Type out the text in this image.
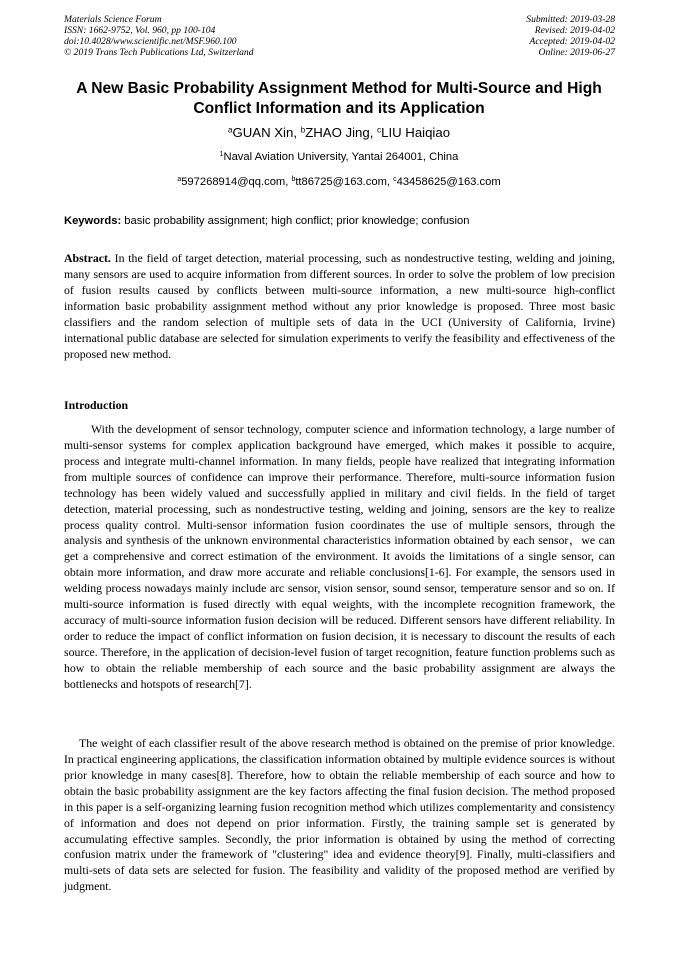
Materials Science Forum
ISSN: 1662-9752, Vol. 960, pp 100-104
doi:10.4028/www.scientific.net/MSF.960.100
© 2019 Trans Tech Publications Ltd, Switzerland
Submitted: 2019-03-28
Revised: 2019-04-02
Accepted: 2019-04-02
Online: 2019-06-27
A New Basic Probability Assignment Method for Multi-Source and High Conflict Information and its Application
$^a$GUAN Xin, $^b$ZHAO Jing, $^c$LIU Haiqiao
$^1$Naval Aviation University, Yantai 264001, China
$^a$597268914@qq.com, $^b$tt86725@163.com, $^c$43458625@163.com
Keywords: basic probability assignment; high conflict; prior knowledge; confusion
Abstract. In the field of target detection, material processing, such as nondestructive testing, welding and joining, many sensors are used to acquire information from different sources. In order to solve the problem of low precision of fusion results caused by conflicts between multi-source information, a new multi-source high-conflict information basic probability assignment method without any prior knowledge is proposed. Three most basic classifiers and the random selection of multiple sets of data in the UCI (University of California, Irvine) international public database are selected for simulation experiments to verify the feasibility and effectiveness of the proposed new method.
Introduction
With the development of sensor technology, computer science and information technology, a large number of multi-sensor systems for complex application background have emerged, which makes it possible to acquire, process and integrate multi-channel information. In many fields, people have realized that integrating information from multiple sources of confidence can improve their performance. Therefore, multi-source information fusion technology has been widely valued and successfully applied in military and civil fields. In the field of target detection, material processing, such as nondestructive testing, welding and joining, sensors are the key to realize process quality control. Multi-sensor information fusion coordinates the use of multiple sensors, through the analysis and synthesis of the unknown environmental characteristics information obtained by each sensor，we can get a comprehensive and correct estimation of the environment. It avoids the limitations of a single sensor, can obtain more information, and draw more accurate and reliable conclusions[1-6]. For example, the sensors used in welding process nowadays mainly include arc sensor, vision sensor, sound sensor, temperature sensor and so on. If multi-source information is fused directly with equal weights, with the incomplete recognition framework, the accuracy of multi-source information fusion decision will be reduced. Different sensors have different reliability. In order to reduce the impact of conflict information on fusion decision, it is necessary to discount the results of each source. Therefore, in the application of decision-level fusion of target recognition, feature function problems such as how to obtain the reliable membership of each source and the basic probability assignment are always the bottlenecks and hotspots of research[7].
The weight of each classifier result of the above research method is obtained on the premise of prior knowledge. In practical engineering applications, the classification information obtained by multiple evidence sources is without prior knowledge in many cases[8]. Therefore, how to obtain the reliable membership of each source and how to obtain the basic probability assignment are the key factors affecting the final fusion decision. The method proposed in this paper is a self-organizing learning fusion recognition method which utilizes complementarity and consistency of information and does not depend on prior information. Firstly, the training sample set is generated by accumulating effective samples. Secondly, the prior information is obtained by using the method of correcting confusion matrix under the framework of "clustering" idea and evidence theory[9]. Finally, multi-classifiers and multi-sets of data sets are selected for fusion. The feasibility and validity of the proposed method are verified by judgment.
